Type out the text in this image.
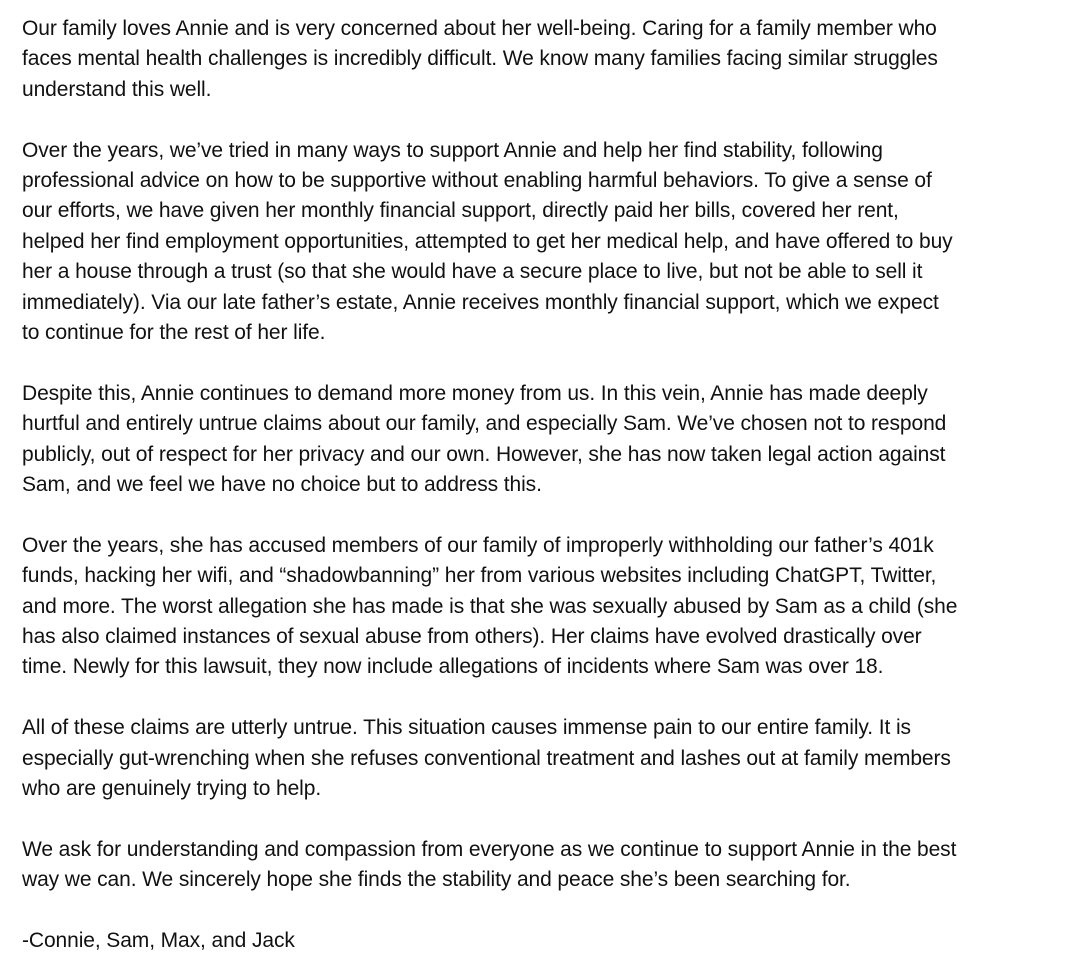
Our family loves Annie and is very concerned about her well-being. Caring for a family member who
faces mental health challenges is incredibly difficult. We know many families facing similar struggles
understand this well.

Over the years, we’ve tried in many ways to support Annie and help her find stability, following
professional advice on how to be supportive without enabling harmful behaviors. To give a sense of
our efforts, we have given her monthly financial support, directly paid her bills, covered her rent,
helped her find employment opportunities, attempted to get her medical help, and have offered to buy
her a house through a trust (so that she would have a secure place to live, but not be able to sell it
immediately). Via our late father’s estate, Annie receives monthly financial support, which we expect
to continue for the rest of her life.

Despite this, Annie continues to demand more money from us. In this vein, Annie has made deeply
hurtful and entirely untrue claims about our family, and especially Sam. We’ve chosen not to respond
publicly, out of respect for her privacy and our own. However, she has now taken legal action against
Sam, and we feel we have no choice but to address this.

Over the years, she has accused members of our family of improperly withholding our father’s 401k
funds, hacking her wifi, and “shadowbanning” her from various websites including ChatGPT, Twitter,
and more. The worst allegation she has made is that she was sexually abused by Sam as a child (she
has also claimed instances of sexual abuse from others). Her claims have evolved drastically over
time. Newly for this lawsuit, they now include allegations of incidents where Sam was over 18.

All of these claims are utterly untrue. This situation causes immense pain to our entire family. It is
especially gut-wrenching when she refuses conventional treatment and lashes out at family members
who are genuinely trying to help.

We ask for understanding and compassion from everyone as we continue to support Annie in the best
way we can. We sincerely hope she finds the stability and peace she’s been searching for.

-Connie, Sam, Max, and Jack
